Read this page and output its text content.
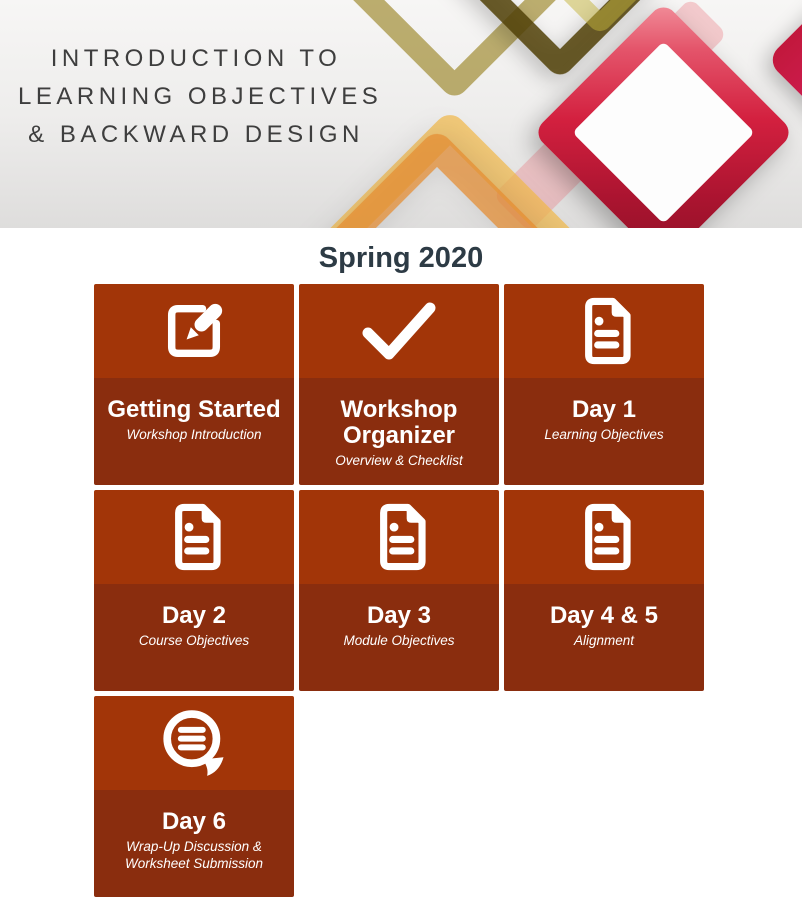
INTRODUCTION TO
LEARNING OBJECTIVES
& BACKWARD DESIGN
Spring 2020
Getting Started
Workshop Introduction
Workshop Organizer
Overview & Checklist
Day 1
Learning Objectives
Day 2
Course Objectives
Day 3
Module Objectives
Day 4 & 5
Alignment
Day 6
Wrap-Up Discussion & Worksheet Submission
